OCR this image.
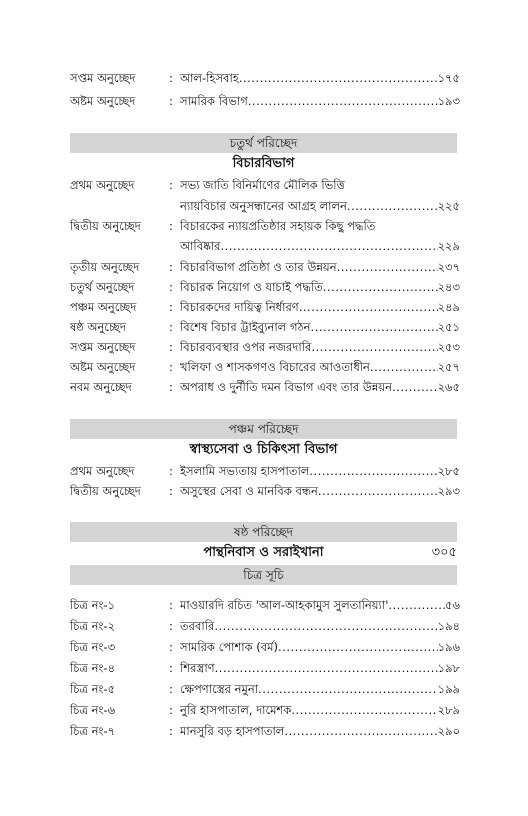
সপ্তম অনুচ্ছেদ	: আল-হিসবাহ .....	১৭৫
অষ্টম অনুচ্ছেদ	: সামরিক বিভাগ .....	১৯৩
চতুর্থ পরিচ্ছেদ
বিচারবিভাগ
প্রথম অনুচ্ছেদ	: সভ্য জাতি বিনির্মাণের মৌলিক ভিত্তি
ন্যায়বিচার অনুসন্ধানের আগ্রহ লালন .....	২২৫
দ্বিতীয় অনুচ্ছেদ : বিচারকের ন্যায়প্রতিষ্ঠার সহায়ক কিছু পদ্ধতি
আবিষ্কার .....	২২৯
তৃতীয় অনুচ্ছেদ	: বিচারবিভাগ প্রতিষ্ঠা ও তার উন্নয়ন .....	২৩৭
চতুর্থ অনুচ্ছেদ	: বিচারক নিয়োগ ও যাচাই পদ্ধতি .....	২৪৩
পঞ্চম অনুচ্ছেদ	: বিচারকদের দায়িত্ব নির্ধারণ .....	২৪৯
ষষ্ঠ অনুচ্ছেদ	: বিশেষ বিচার ট্রাইব্যুনাল গঠন .....	২৫১
সপ্তম অনুচ্ছেদ	: বিচারব্যবস্থার ওপর নজরদারি .....	২৫৩
অষ্টম অনুচ্ছেদ	: খলিফা ও শাসকগণও বিচারের আওতাধীন .....	২৫৭
নবম অনুচ্ছেদ	: অপরাধ ও দুর্নীতি দমন বিভাগ এবং তার উন্নয়ন .....	২৬৫
পঞ্চম পরিচ্ছেদ
স্বাস্থ্যসেবা ও চিকিৎসা বিভাগ
প্রথম অনুচ্ছেদ	: ইসলামি সভ্যতায় হাসপাতাল .....	২৮৫
দ্বিতীয় অনুচ্ছেদ : অসুস্থের সেবা ও মানবিক বন্ধন .....	২৯৩
ষষ্ঠ পরিচ্ছেদ
পান্থনিবাস ও সরাইখানা	৩০৫
চিত্র সূচি
চিত্র নং-১	: মাওয়ারদি রচিত 'আল-আহকামুস সুলতানিয়্যা' .....	৫৬
চিত্র নং-২	: তরবারি .....	১৯৪
চিত্র নং-৩	: সামরিক পোশাক (বর্ম) .....	১৯৬
চিত্র নং-৪	: শিরস্ত্রাণ .....	১৯৮
চিত্র নং-৫	: ক্ষেপণাস্ত্রের নমুনা .....	১৯৯
চিত্র নং-৬	: নুরি হাসপাতাল, দামেশক .....	২৮৯
চিত্র নং-৭	: মানসুরি বড় হাসপাতাল .....	২৯০
